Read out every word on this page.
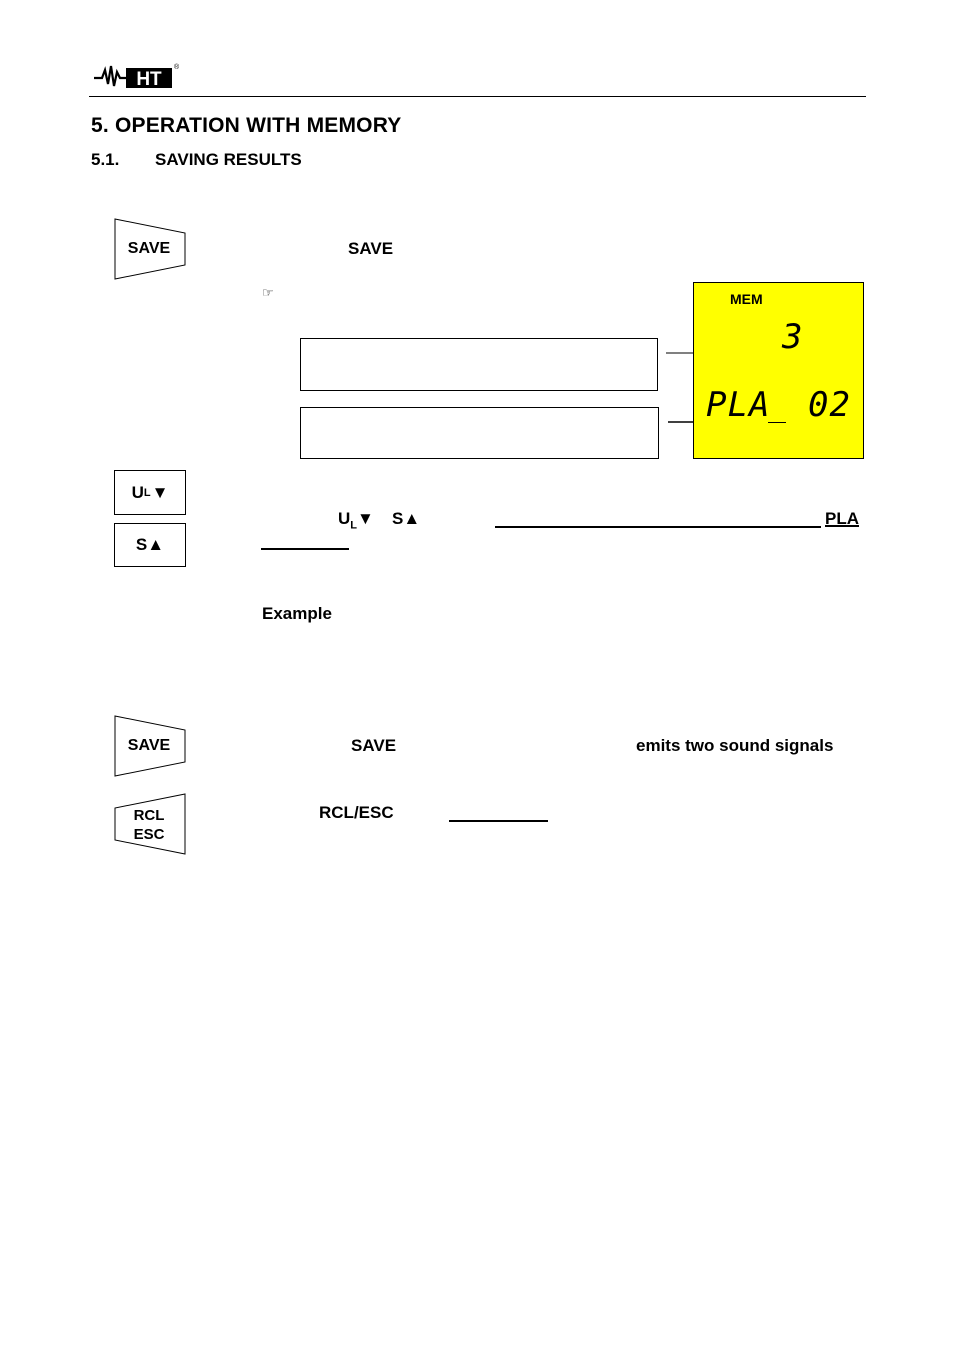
HT
®
5. OPERATION WITH MEMORY
5.1. SAVING RESULTS
SAVE	SAVE
☞	MEM
3
PLA 02
U L ▼
S▲
$U_L▼$ S▲	PLA
Example
SAVE	SAVE	emits two sound signals
RCL
ESC
RCL/ESC
